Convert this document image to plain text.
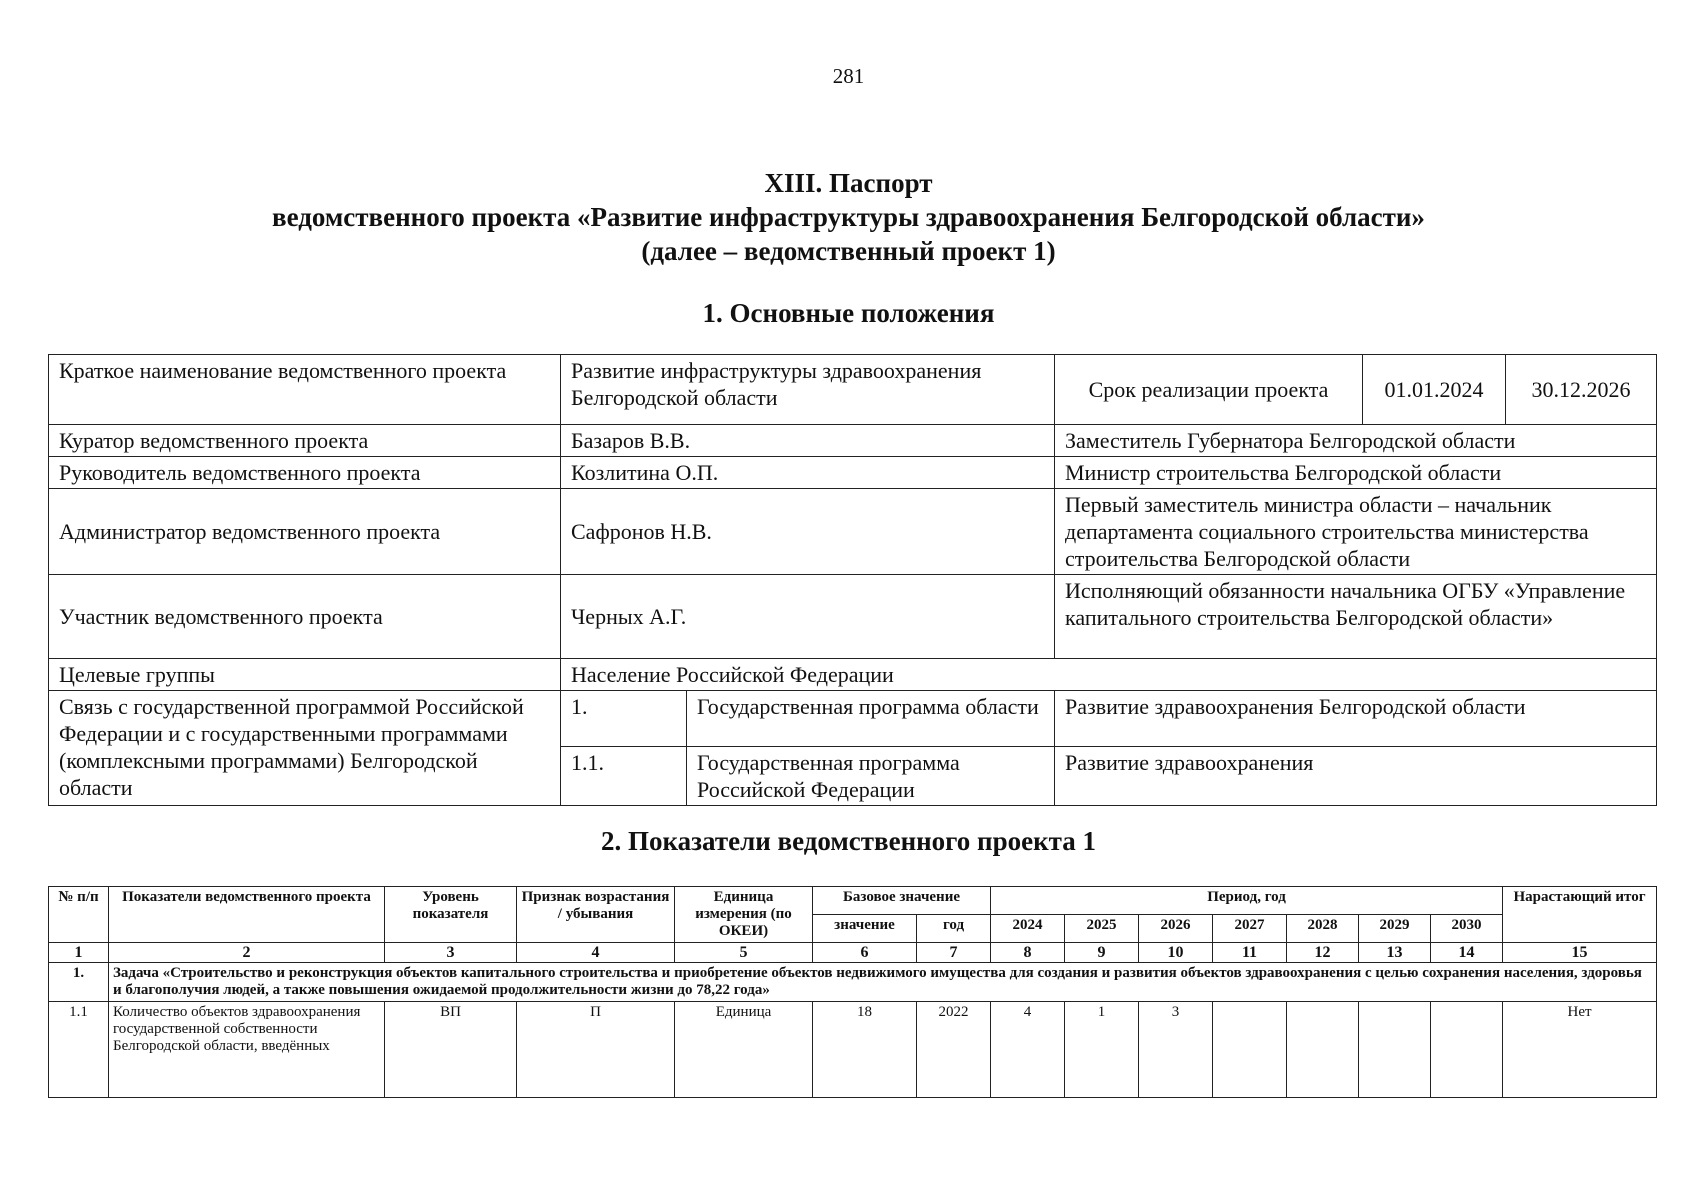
281
XIII. Паспорт
ведомственного проекта «Развитие инфраструктуры здравоохранения Белгородской области»
(далее – ведомственный проект 1)
1. Основные положения
Краткое наименование ведомственного проекта	Развитие инфраструктуры здравоохранения Белгородской области		Срок реализации проекта	01.01.2024	30.12.2026
Куратор ведомственного проекта	Базаров В.В.		Заместитель Губернатора Белгородской области		
Руководитель ведомственного проекта	Козлитина О.П.		Министр строительства Белгородской области		
Администратор ведомственного проекта	Сафронов Н.В.		Первый заместитель министра области – начальник департамента социального строительства министерства строительства Белгородской области		
Участник ведомственного проекта	Черных А.Г.		Исполняющий обязанности начальника ОГБУ «Управление капитального строительства Белгородской области»		
Целевые группы	Население Российской Федерации				
Связь с государственной программой Российской Федерации и с государственными программами (комплексными программами) Белгородской области	1.	Государственная программа области	Развитие здравоохранения Белгородской области		
	1.1.	Государственная программа Российской Федерации	Развитие здравоохранения		
2. Показатели ведомственного проекта 1
№ п/п	Показатели ведомственного проекта	Уровень показателя	Признак возрастания / убывания	Единица измерения (по ОКЕИ)	Базовое значение		Период, год							Нарастающий итог
					значение	год	2024	2025	2026	2027	2028	2029	2030	
1	2	3	4	5	6	7	8	9	10	11	12	13	14	15
1.	Задача «Строительство и реконструкция объектов капитального строительства и приобретение объектов недвижимого имущества для создания и развития объектов здравоохранения с целью сохранения населения, здоровья и благополучия людей, а также повышения ожидаемой продолжительности жизни до 78,22 года»													
1.1	Количество объектов здравоохранения государственной собственности Белгородской области, введённых	ВП	П	Единица	18	2022	4	1	3					Нет
